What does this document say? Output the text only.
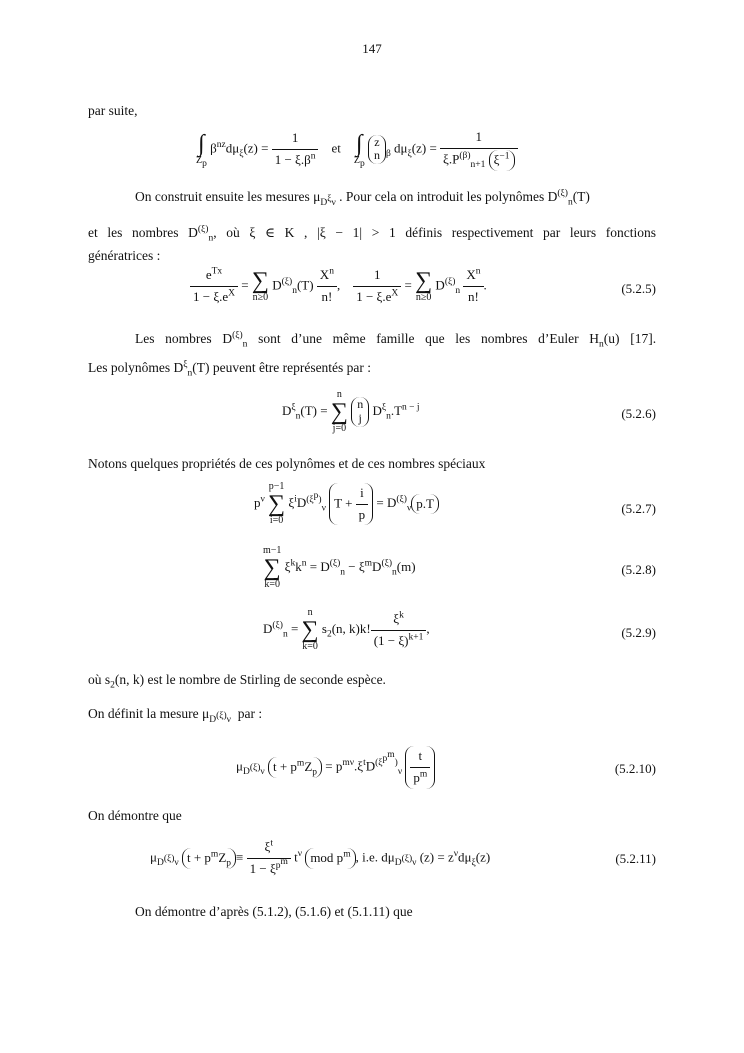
147
par suite,
∫
$Z_p$
$\beta^{nz}d\mu_\xi(z) = \frac{1}{1 - \xi.\beta^n}$ et ∫
$Z_p$
z
n $_\beta$ $d\mu_\xi(z) = \frac{1}{\xi.P^{(\beta)}_{n+1} \xi^{-1}}$
On construit ensuite les mesures $\mu_{D^\xi\nu}$ . Pour cela on introduit les polynômes $D^{(\xi)}_n(T)$
et les nombres $D^{(\xi)}_n$, où ξ ∈ K , |ξ − 1| > 1 définis respectivement par leurs fonctions
génératrices :
$e^{Tx}$
$1 - \xi.e^X$
= ∑
n≥0
$D^{(\xi)}_n(T) \frac{X^n}{n!}$ , $\frac{1}{1 - \xi.e^X}$ = ∑
n≥0
$D^{(\xi)}_n \frac{X^n}{n!}$ .	(5.2.5)
Les nombres $D^{(\xi)}_n$ sont d’une même famille que les nombres d’Euler $H_n(u)$ [17].
Les polynômes $D^\xi_n(T)$ peuvent être représentés par :
$D^\xi_n(T)$ =
n
∑
j=0
n
j $D^\xi_n.T^{n - j}$	(5.2.6)
Notons quelques propriétés de ces polynômes et de ces nombres spéciaux
$p^\nu$
p−1
∑
i=0
$\xi^iD^{(\xi^p)}_\nu$ $T + \frac{i}{p} = D^{(\xi)}_\nu$ p.T	(5.2.7)
m−1
∑
k=0
$\xi^kk^n = D^{(\xi)}_n - \xi^mD^{(\xi)}_n(m)$	(5.2.8)
$D^{(\xi)}_n$ =
n
∑
k=0
$s_2(n$, k)k! $\frac{\xi^k}{(1 - \xi)^{k+1}}$ ,	(5.2.9)
où $s_2(n$, k) est le nombre de Stirling de seconde espèce.
On définit la mesure $\mu_{D^{(\xi)}\nu}$ par :
$\mu_{D^{(\xi)}\nu}$ $t + p^mZ_p = p^{m\nu}.\xi^tD^{(\xi^{p^m})}_\nu \frac{t}{p^m}$	(5.2.10)
On démontre que
$\mu_{D^{(\xi)}\nu}$ $t + p^mZ_p$ ≡
$\xi^t$
$1 - \xi^{p^m}$ $t^\nu$ mod $p^m$ , i.e. $d\mu_{D^{(\xi)}\nu}$ $(z) = z^\nu d\mu_\xi(z)$	(5.2.11)
On démontre d’après (5.1.2), (5.1.6) et (5.1.11) que
